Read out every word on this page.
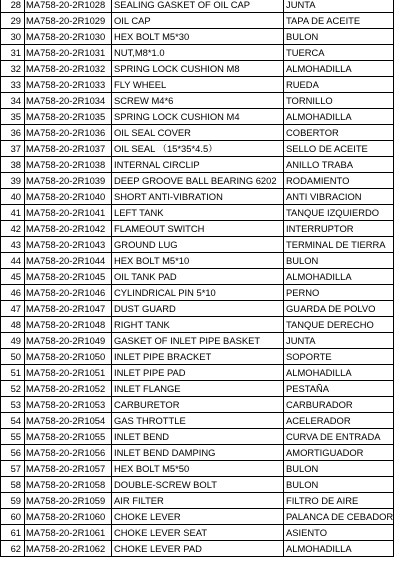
28	MA758-20-2R1028	SEALING GASKET OF OIL CAP	JUNTA
29	MA758-20-2R1029	OIL CAP	TAPA DE ACEITE
30	MA758-20-2R1030	HEX BOLT M5*30	BULON
31	MA758-20-2R1031	NUT,M8*1.0	TUERCA
32	MA758-20-2R1032	SPRING LOCK CUSHION M8	ALMOHADILLA
33	MA758-20-2R1033	FLY WHEEL	RUEDA
34	MA758-20-2R1034	SCREW M4*6	TORNILLO
35	MA758-20-2R1035	SPRING LOCK CUSHION M4	ALMOHADILLA
36	MA758-20-2R1036	OIL SEAL COVER	COBERTOR
37	MA758-20-2R1037	OIL SEAL （15*35*4.5）	SELLO DE ACEITE
38	MA758-20-2R1038	INTERNAL CIRCLIP	ANILLO TRABA
39	MA758-20-2R1039	DEEP GROOVE BALL BEARING 6202	RODAMIENTO
40	MA758-20-2R1040	SHORT ANTI-VIBRATION	ANTI VIBRACION
41	MA758-20-2R1041	LEFT TANK	TANQUE IZQUIERDO
42	MA758-20-2R1042	FLAMEOUT SWITCH	INTERRUPTOR
43	MA758-20-2R1043	GROUND LUG	TERMINAL DE TIERRA
44	MA758-20-2R1044	HEX BOLT M5*10	BULON
45	MA758-20-2R1045	OIL TANK PAD	ALMOHADILLA
46	MA758-20-2R1046	CYLINDRICAL PIN 5*10	PERNO
47	MA758-20-2R1047	DUST GUARD	GUARDA DE POLVO
48	MA758-20-2R1048	RIGHT TANK	TANQUE DERECHO
49	MA758-20-2R1049	GASKET OF INLET PIPE BASKET	JUNTA
50	MA758-20-2R1050	INLET PIPE BRACKET	SOPORTE
51	MA758-20-2R1051	INLET PIPE PAD	ALMOHADILLA
52	MA758-20-2R1052	INLET FLANGE	PESTAÑA
53	MA758-20-2R1053	CARBURETOR	CARBURADOR
54	MA758-20-2R1054	GAS THROTTLE	ACELERADOR
55	MA758-20-2R1055	INLET BEND	CURVA DE ENTRADA
56	MA758-20-2R1056	INLET BEND DAMPING	AMORTIGUADOR
57	MA758-20-2R1057	HEX BOLT M5*50	BULON
58	MA758-20-2R1058	DOUBLE-SCREW BOLT	BULON
59	MA758-20-2R1059	AIR FILTER	FILTRO DE AIRE
60	MA758-20-2R1060	CHOKE LEVER	PALANCA DE CEBADOR
61	MA758-20-2R1061	CHOKE LEVER SEAT	ASIENTO
62	MA758-20-2R1062	CHOKE LEVER PAD	ALMOHADILLA
